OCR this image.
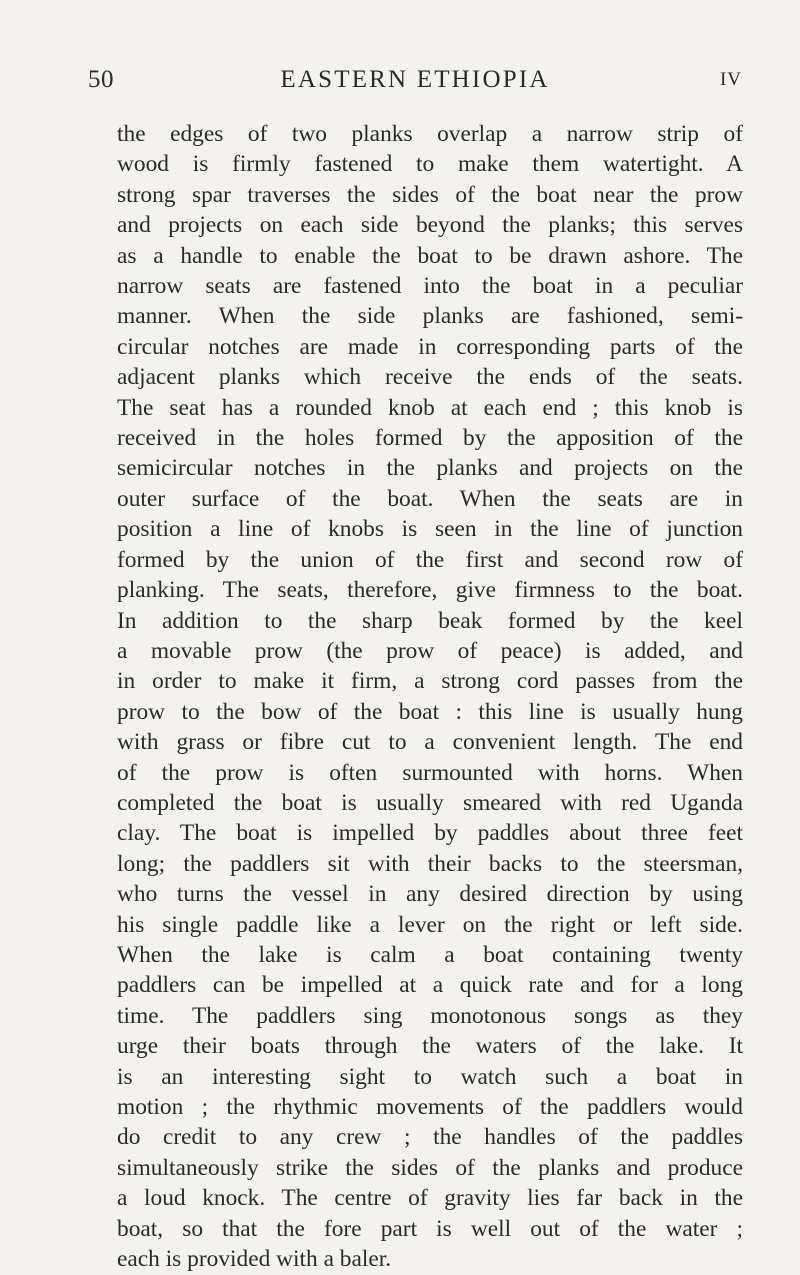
50	EASTERN ETHIOPIA	IV
the edges of two planks overlap a narrow strip of
wood is firmly fastened to make them watertight. A
strong spar traverses the sides of the boat near the prow
and projects on each side beyond the planks; this serves
as a handle to enable the boat to be drawn ashore. The
narrow seats are fastened into the boat in a peculiar
manner. When the side planks are fashioned, semi-
circular notches are made in corresponding parts of the
adjacent planks which receive the ends of the seats.
The seat has a rounded knob at each end ; this knob is
received in the holes formed by the apposition of the
semicircular notches in the planks and projects on the
outer surface of the boat. When the seats are in
position a line of knobs is seen in the line of junction
formed by the union of the first and second row of
planking. The seats, therefore, give firmness to the boat.
In addition to the sharp beak formed by the keel
a movable prow (the prow of peace) is added, and
in order to make it firm, a strong cord passes from the
prow to the bow of the boat : this line is usually hung
with grass or fibre cut to a convenient length. The end
of the prow is often surmounted with horns. When
completed the boat is usually smeared with red Uganda
clay. The boat is impelled by paddles about three feet
long; the paddlers sit with their backs to the steersman,
who turns the vessel in any desired direction by using
his single paddle like a lever on the right or left side.
When the lake is calm a boat containing twenty
paddlers can be impelled at a quick rate and for a long
time. The paddlers sing monotonous songs as they
urge their boats through the waters of the lake. It
is an interesting sight to watch such a boat in
motion ; the rhythmic movements of the paddlers would
do credit to any crew ; the handles of the paddles
simultaneously strike the sides of the planks and produce
a loud knock. The centre of gravity lies far back in the
boat, so that the fore part is well out of the water ;
each is provided with a baler.
